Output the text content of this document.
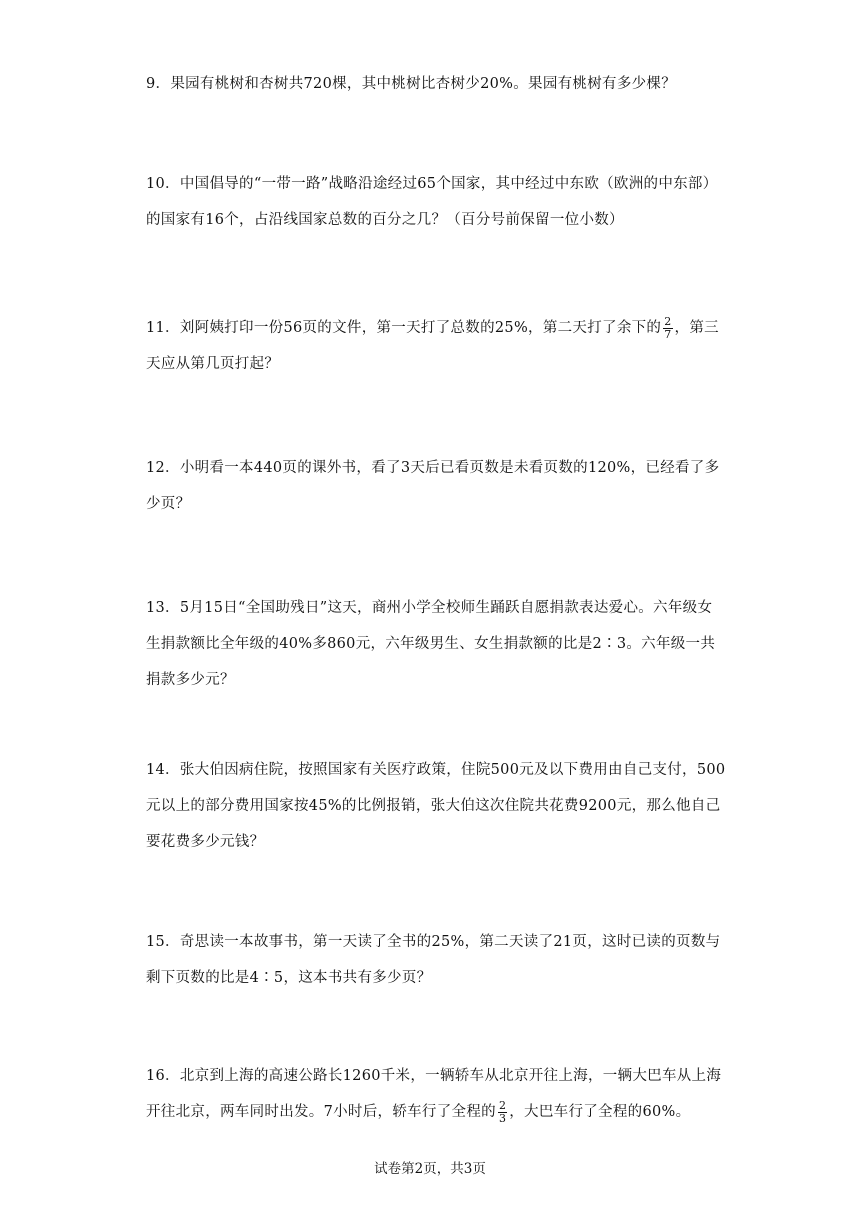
9．果园有桃树和杏树共720棵，其中桃树比杏树少20%。果园有桃树有多少棵？
10．中国倡导的“一带一路”战略沿途经过65个国家，其中经过中东欧（欧洲的中东部）的国家有16个，占沿线国家总数的百分之几？（百分号前保留一位小数）
11．刘阿姨打印一份56页的文件，第一天打了总数的25%，第二天打了余下的 $\frac{2}{7}$ ，第三天应从第几页打起？
12．小明看一本440页的课外书，看了3天后已看页数是未看页数的120%，已经看了多少页？
13．5月15日“全国助残日”这天，商州小学全校师生踊跃自愿捐款表达爱心。六年级女生捐款额比全年级的40%多860元，六年级男生、女生捐款额的比是2∶3。六年级一共捐款多少元？
14．张大伯因病住院，按照国家有关医疗政策，住院500元及以下费用由自己支付，500元以上的部分费用国家按45%的比例报销，张大伯这次住院共花费9200元，那么他自己要花费多少元钱？
15．奇思读一本故事书，第一天读了全书的25%，第二天读了21页，这时已读的页数与剩下页数的比是4∶5，这本书共有多少页？
16．北京到上海的高速公路长1260千米，一辆轿车从北京开往上海，一辆大巴车从上海开往北京，两车同时出发。7小时后，轿车行了全程的 $\frac{2}{3}$ ，大巴车行了全程的60%。
试卷第2页，共3页
